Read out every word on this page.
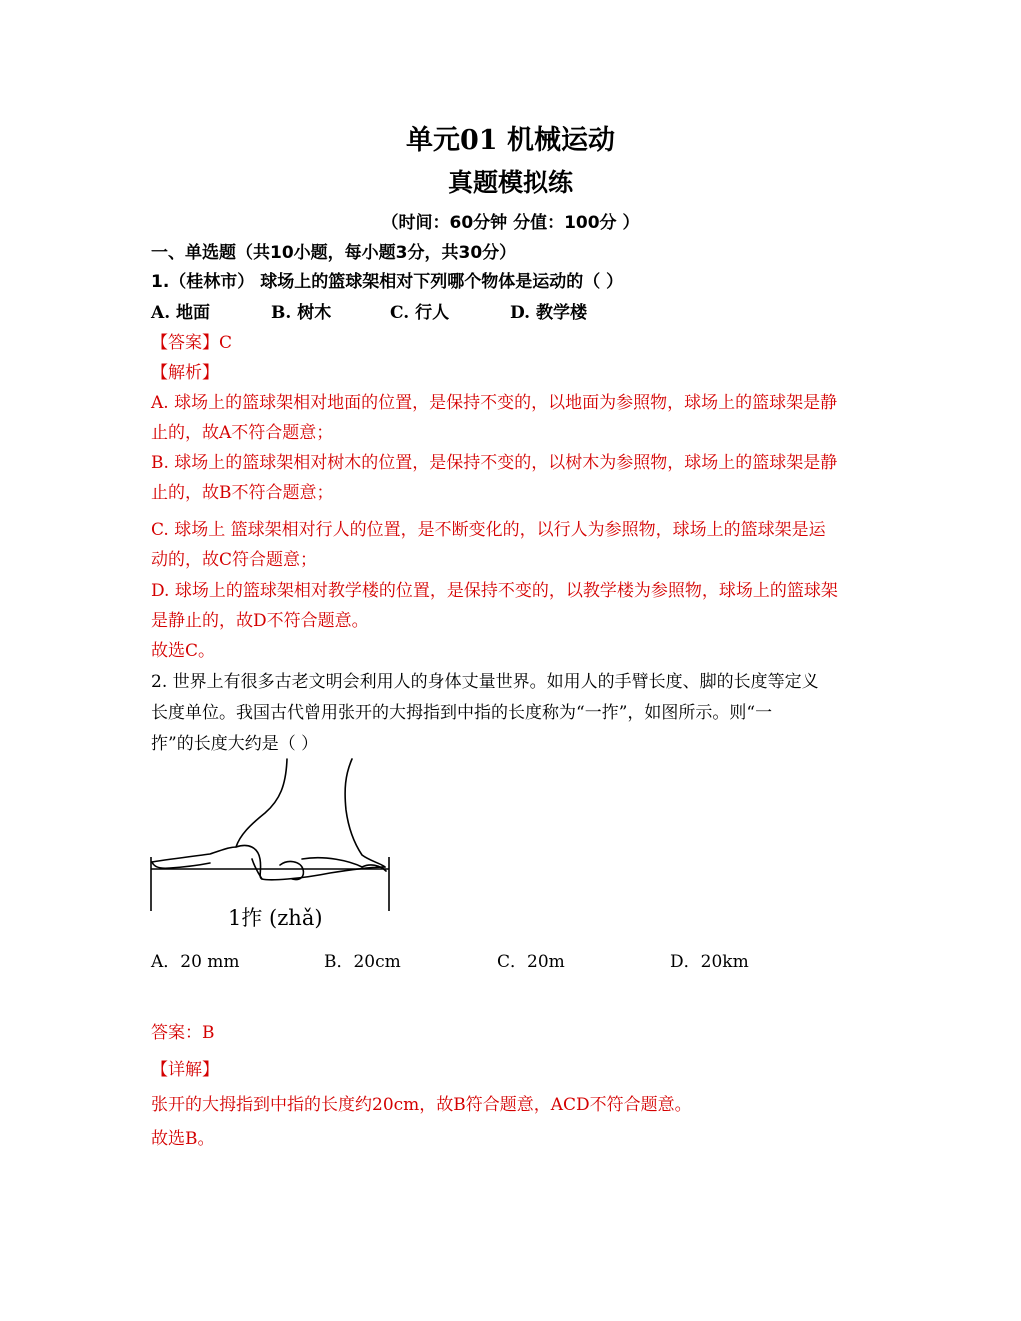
单元01 机械运动
真题模拟练
（时间：60分钟 分值：100分 ）
一、单选题（共10小题，每小题3分，共30分）
1.（桂林市） 球场上的篮球架相对下列哪个物体是运动的（ ）
A. 地面	B. 树木	C. 行人	D. 教学楼
【答案】C
【解析】
A. 球场上的篮球架相对地面的位置，是保持不变的，以地面为参照物，球场上的篮球架是静
止的，故A不符合题意；
B. 球场上的篮球架相对树木的位置，是保持不变的，以树木为参照物，球场上的篮球架是静
止的，故B不符合题意；
C. 球场上 篮球架相对行人的位置，是不断变化的，以行人为参照物，球场上的篮球架是运
动的，故C符合题意；
D. 球场上的篮球架相对教学楼的位置，是保持不变的，以教学楼为参照物，球场上的篮球架
是静止的，故D不符合题意。
故选C。
2. 世界上有很多古老文明会利用人的身体丈量世界。如用人的手臂长度、脚的长度等定义
长度单位。我国古代曾用张开的大拇指到中指的长度称为“一拃”，如图所示。则“一
拃”的长度大约是（ ）
1拃 (zhǎ)
A．20 mm	B．20cm	C．20m	D．20km
答案：B
【详解】
张开的大拇指到中指的长度约20cm，故B符合题意，ACD不符合题意。
故选B。
